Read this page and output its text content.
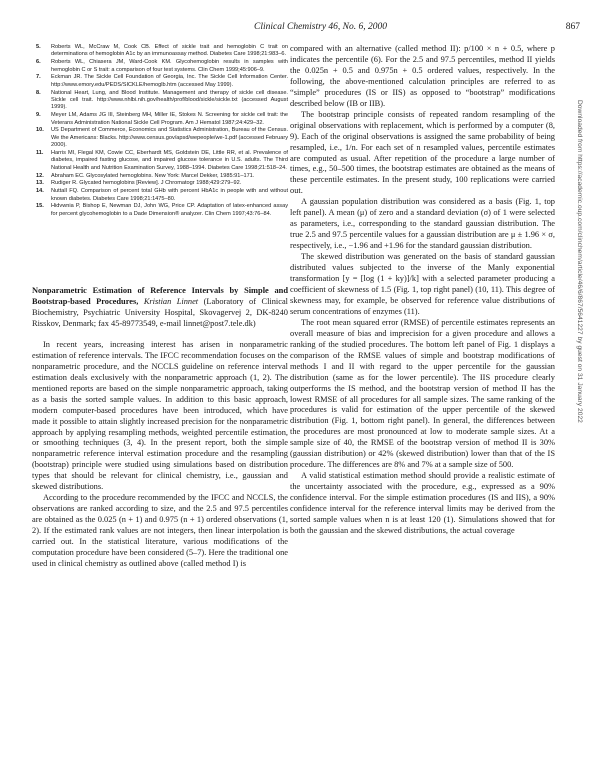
Clinical Chemistry 46, No. 6, 2000	867
5. Roberts WL, McCraw M, Cook CB. Effect of sickle trait and hemoglobin C trait on determinations of hemoglobin A1c by an immunoassay method. Diabetes Care 1998;21:983–6.
6. Roberts WL, Chiasera JM, Ward-Cook KM. Glycohemoglobin results in samples with hemoglobin C or S trait: a comparison of four test systems. Clin Chem 1999;45:906–9.
7. Eckman JR. The Sickle Cell Foundation of Georgia, Inc. The Sickle Cell Information Center. http://www.emory.edu/PEDS/SICKLE/hemoglb.htm (accessed May 1999).
8. National Heart, Lung, and Blood Institute. Management and therapy of sickle cell disease. Sickle cell trait. http://www.nhlbi.nih.gov/health/prof/blood/sickle/sickle.txt (accessed August 1999).
9. Meyer LM, Adams JG III, Steinberg MH, Miller IE, Stokes N. Screening for sickle cell trait: the Veterans Administration National Sickle Cell Program. Am J Hematol 1987;24:429–32.
10. US Department of Commerce, Economics and Statistics Administration, Bureau of the Census. We the Americans: Blacks. http://www.census.gov/apsd/wepeople/we-1.pdf (accessed February 2000).
11. Harris MI, Flegal KM, Cowie CC, Eberhardt MS, Goldstein DE, Little RR, et al. Prevalence of diabetes, impaired fasting glucose, and impaired glucose tolerance in U.S. adults. The Third National Health and Nutrition Examination Survey, 1988–1994. Diabetes Care 1998;21:518–24.
12. Abraham EC. Glycosylated hemoglobins. New York: Marcel Dekker, 1985:91–171.
13. Rudiger R. Glycated hemoglobins [Review]. J Chromatogr 1988;429:279–92.
14. Nuttall FQ. Comparison of percent total GHb with percent HbA1c in people with and without known diabetes. Diabetes Care 1998;21:1475–80.
15. Hidvwnia P, Bishop E, Newman DJ, John WG, Price CP. Adaptation of latex-enhanced assay for percent glycohemoglobin to a Dade Dimension® analyzer. Clin Chem 1997;43:76–84.
Nonparametric Estimation of Reference Intervals by Simple and Bootstrap-based Procedures, Kristian Linnet (Laboratory of Clinical Biochemistry, Psychiatric University Hospital, Skovagervej 2, DK-8240 Risskov, Denmark; fax 45-89773549, e-mail linnet@post7.tele.dk)

In recent years, increasing interest has arisen in nonparametric estimation of reference intervals. The IFCC recommendation focuses on the nonparametric procedure, and the NCCLS guideline on reference interval estimation deals exclusively with the nonparametric approach (1, 2). The mentioned reports are based on the simple nonparametric approach, taking as a basis the sorted sample values. In addition to this basic approach, modern computer-based procedures have been introduced, which have made it possible to attain slightly increased precision for the nonparametric approach by applying resampling methods, weighted percentile estimation, or smoothing techniques (3, 4). In the present report, both the simple nonparametric reference interval estimation procedure and the resampling (bootstrap) principle were studied using simulations based on distribution types that should be relevant for clinical chemistry, i.e., gaussian and skewed distributions.

According to the procedure recommended by the IFCC and NCCLS, the observations are ranked according to size, and the 2.5 and 97.5 percentiles are obtained as the 0.025 (n + 1) and 0.975 (n + 1) ordered observations (1, 2). If the estimated rank values are not integers, then linear interpolation is carried out. In the statistical literature, various modifications of the computation procedure have been considered (5–7). Here the traditional one used in clinical chemistry as outlined above (called method I) is

compared with an alternative (called method II): p/100 × n + 0.5, where p indicates the percentile (6). For the 2.5 and 97.5 percentiles, method II yields the 0.025n + 0.5 and 0.975n + 0.5 ordered values, respectively. In the following, the above-mentioned calculation principles are referred to as “simple” procedures (IS or IIS) as opposed to “bootstrap” modifications described below (IB or IIB).

The bootstrap principle consists of repeated random resampling of the original observations with replacement, which is performed by a computer (8, 9). Each of the original observations is assigned the same probability of being resampled, i.e., 1/n. For each set of n resampled values, percentile estimates are computed as usual. After repetition of the procedure a large number of times, e.g., 50–500 times, the bootstrap estimates are obtained as the means of these percentile estimates. In the present study, 100 replications were carried out.

A gaussian population distribution was considered as a basis (Fig. 1, top left panel). A mean (μ) of zero and a standard deviation (σ) of 1 were selected as parameters, i.e., corresponding to the standard gaussian distribution. The true 2.5 and 97.5 percentile values for a gaussian distribution are μ ± 1.96 × σ, respectively, i.e., −1.96 and +1.96 for the standard gaussian distribution.

The skewed distribution was generated on the basis of standard gaussian distributed values subjected to the inverse of the Manly exponential transformation [y = [log (1 + ky)]/k] with a selected parameter producing a coefficient of skewness of 1.5 (Fig. 1, top right panel) (10, 11). This degree of skewness may, for example, be observed for reference value distributions of serum concentrations of enzymes (11).

The root mean squared error (RMSE) of percentile estimates represents an overall measure of bias and imprecision for a given procedure and allows a ranking of the studied procedures. The bottom left panel of Fig. 1 displays a comparison of the RMSE values of simple and bootstrap modifications of methods I and II with regard to the upper percentile for the gaussian distribution (same as for the lower percentile). The IIS procedure clearly outperforms the IS method, and the bootstrap version of method II has the lowest RMSE of all procedures for all sample sizes. The same ranking of the procedures is valid for estimation of the upper percentile of the skewed distribution (Fig. 1, bottom right panel). In general, the differences between the procedures are most pronounced at low to moderate sample sizes. At a sample size of 40, the RMSE of the bootstrap version of method II is 30% (gaussian distribution) or 42% (skewed distribution) lower than that of the IS procedure. The differences are 8% and 7% at a sample size of 500.

A valid statistical estimation method should provide a realistic estimate of the uncertainty associated with the procedure, e.g., expressed as a 90% confidence interval. For the simple estimation procedures (IS and IIS), a 90% confidence interval for the reference interval limits may be derived from the sorted sample values when n is at least 120 (1). Simulations showed that for both the gaussian and the skewed distributions, the actual coverage

Downloaded from https://academic.oup.com/clinchem/article/46/6/867/5641227 by guest on 31 January 2022
